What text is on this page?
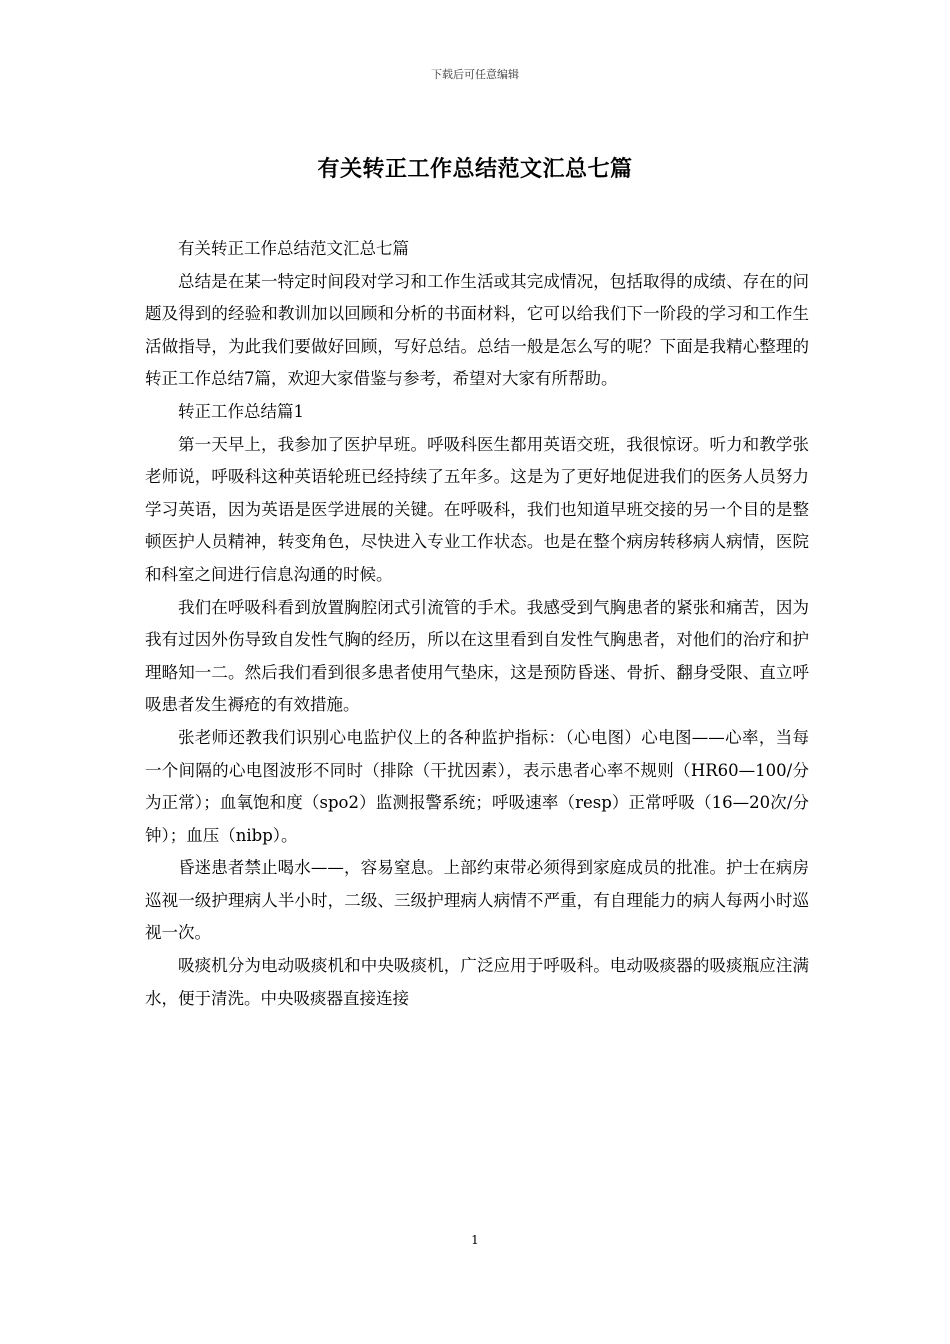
下载后可任意编辑
有关转正工作总结范文汇总七篇

有关转正工作总结范文汇总七篇

总结是在某一特定时间段对学习和工作生活或其完成情况，包括取得的成绩、存在的问题及得到的经验和教训加以回顾和分析的书面材料，它可以给我们下一阶段的学习和工作生活做指导，为此我们要做好回顾，写好总结。总结一般是怎么写的呢？下面是我精心整理的转正工作总结7篇，欢迎大家借鉴与参考，希望对大家有所帮助。

转正工作总结篇1

第一天早上，我参加了医护早班。呼吸科医生都用英语交班，我很惊讶。听力和教学张老师说，呼吸科这种英语轮班已经持续了五年多。这是为了更好地促进我们的医务人员努力学习英语，因为英语是医学进展的关键。在呼吸科，我们也知道早班交接的另一个目的是整顿医护人员精神，转变角色，尽快进入专业工作状态。也是在整个病房转移病人病情，医院和科室之间进行信息沟通的时候。

我们在呼吸科看到放置胸腔闭式引流管的手术。我感受到气胸患者的紧张和痛苦，因为我有过因外伤导致自发性气胸的经历，所以在这里看到自发性气胸患者，对他们的治疗和护理略知一二。然后我们看到很多患者使用气垫床，这是预防昏迷、骨折、翻身受限、直立呼吸患者发生褥疮的有效措施。

张老师还教我们识别心电监护仪上的各种监护指标：（心电图）心电图——心率，当每一个间隔的心电图波形不同时（排除（干扰因素），表示患者心率不规则（HR60—100/分为正常）；血氧饱和度（spo2）监测报警系统；呼吸速率（resp）正常呼吸（16—20次/分钟）；血压（nibp）。

昏迷患者禁止喝水——，容易窒息。上部约束带必须得到家庭成员的批准。护士在病房巡视一级护理病人半小时，二级、三级护理病人病情不严重，有自理能力的病人每两小时巡视一次。

吸痰机分为电动吸痰机和中央吸痰机，广泛应用于呼吸科。电动吸痰器的吸痰瓶应注满水，便于清洗。中央吸痰器直接连接

1
